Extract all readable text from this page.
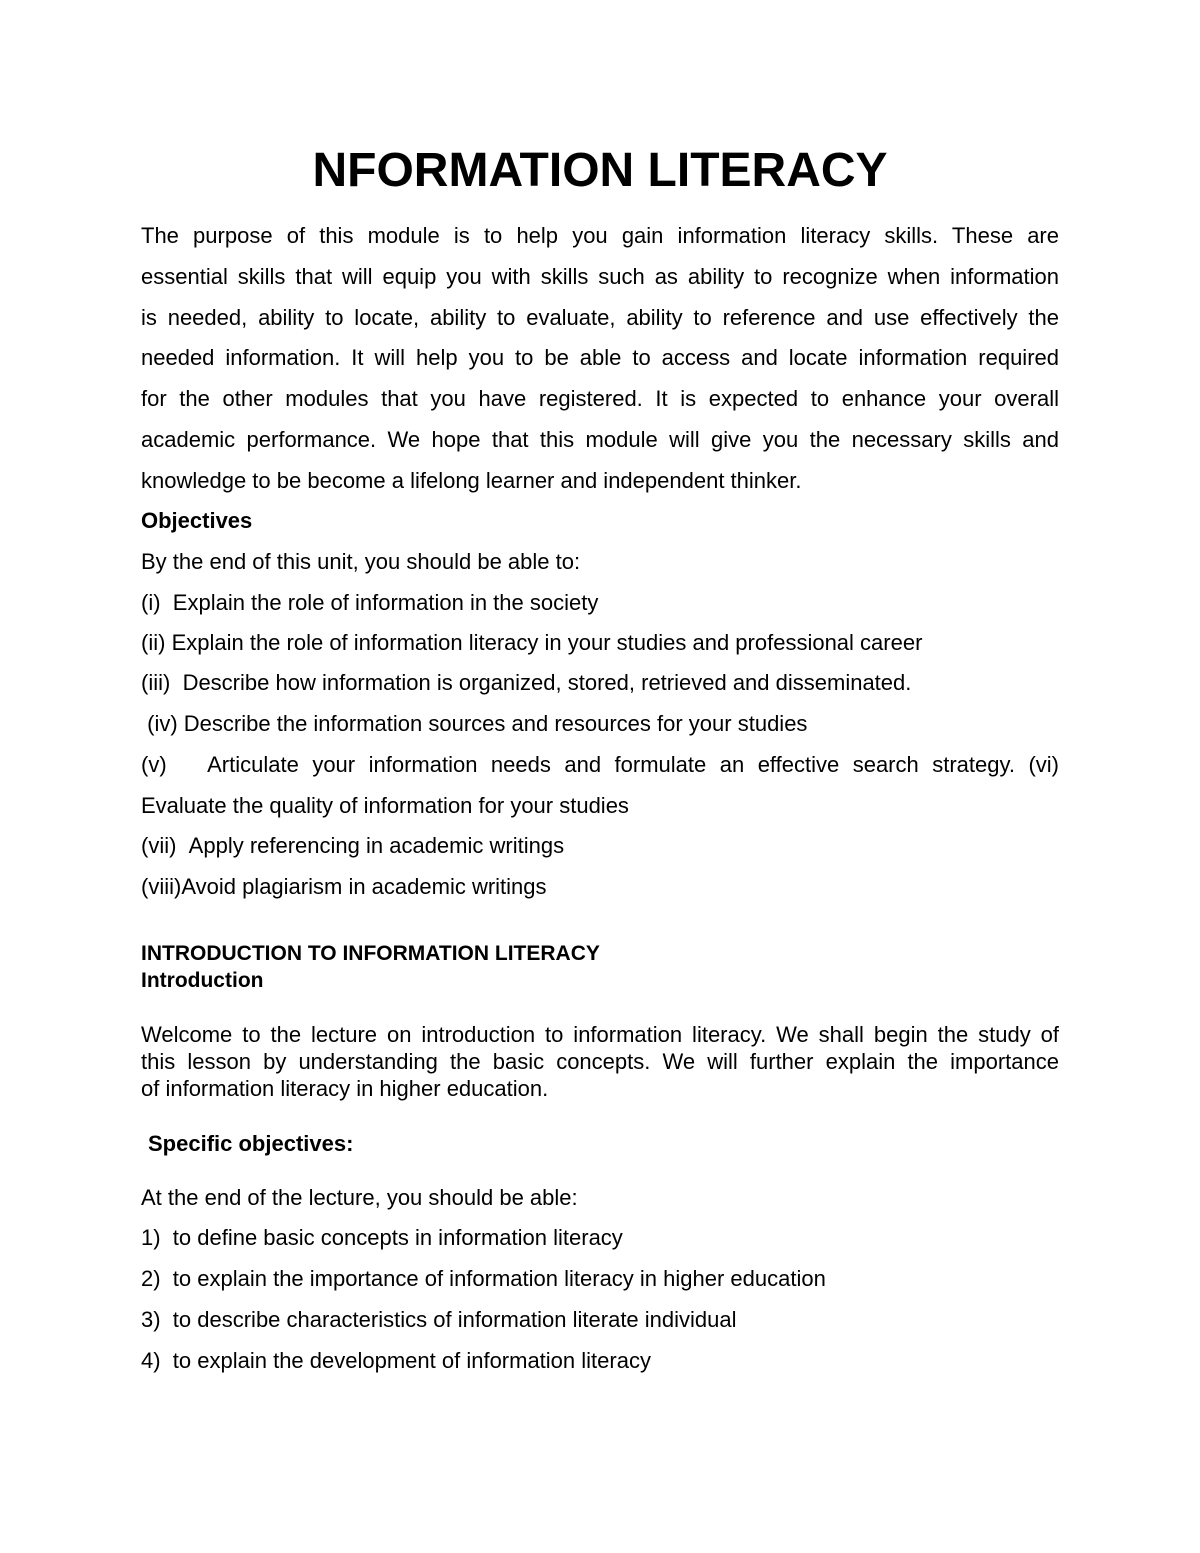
NFORMATION LITERACY
The purpose of this module is to help you gain information literacy skills. These are
essential skills that will equip you with skills such as ability to recognize when information
is needed, ability to locate, ability to evaluate, ability to reference and use effectively the
needed information. It will help you to be able to access and locate information required
for the other modules that you have registered. It is expected to enhance your overall
academic performance. We hope that this module will give you the necessary skills and
knowledge to be become a lifelong learner and independent thinker.
Objectives
By the end of this unit, you should be able to:
(i) Explain the role of information in the society
(ii) Explain the role of information literacy in your studies and professional career
(iii) Describe how information is organized, stored, retrieved and disseminated.
(iv) Describe the information sources and resources for your studies
(v) Articulate your information needs and formulate an effective search strategy. (vi)
Evaluate the quality of information for your studies
(vii) Apply referencing in academic writings
(viii)Avoid plagiarism in academic writings
INTRODUCTION TO INFORMATION LITERACY
Introduction
Welcome to the lecture on introduction to information literacy. We shall begin the study of
this lesson by understanding the basic concepts. We will further explain the importance
of information literacy in higher education.
Specific objectives:
At the end of the lecture, you should be able:
1) to define basic concepts in information literacy
2) to explain the importance of information literacy in higher education
3) to describe characteristics of information literate individual
4) to explain the development of information literacy
